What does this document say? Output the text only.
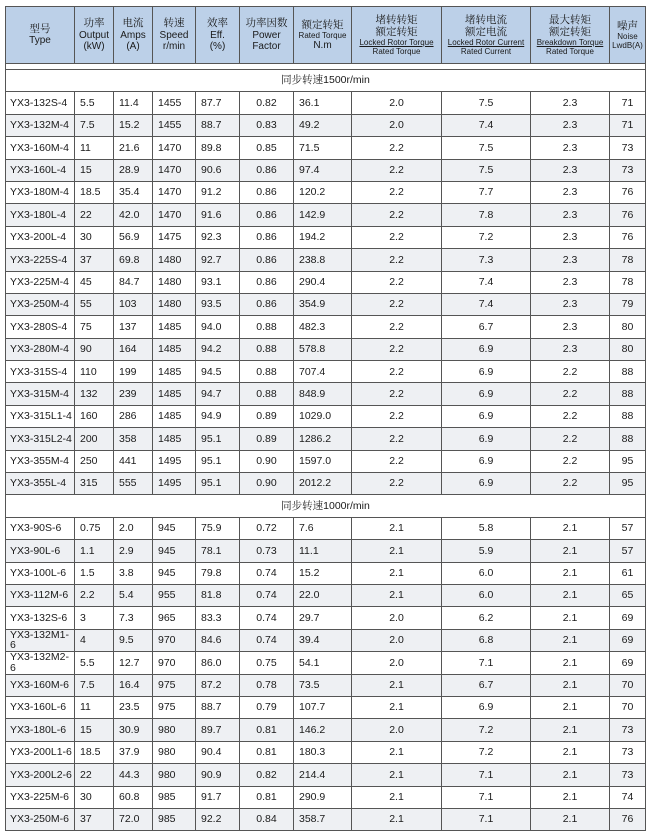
型号
Type	功率
Output
(kW)	电流
Amps
(A)	转速
Speed
r/min	效率
Eff.
(%)	功率因数
Power
Factor	额定转矩
Rated Torque
N.m	堵转转矩
额定转矩
Locked Rotor Torque
Rated Torque	堵转电流
额定电流
Locked Rotor Current
Rated Current	最大转矩
额定转矩
Breakdown Torque
Rated Torque	噪声
Noise
LwdB(A)

同步转速1500r/min										
YX3-132S-4	5.5	11.4	1455	87.7	0.82	36.1	2.0	7.5	2.3	71
YX3-132M-4	7.5	15.2	1455	88.7	0.83	49.2	2.0	7.4	2.3	71
YX3-160M-4	11	21.6	1470	89.8	0.85	71.5	2.2	7.5	2.3	73
YX3-160L-4	15	28.9	1470	90.6	0.86	97.4	2.2	7.5	2.3	73
YX3-180M-4	18.5	35.4	1470	91.2	0.86	120.2	2.2	7.7	2.3	76
YX3-180L-4	22	42.0	1470	91.6	0.86	142.9	2.2	7.8	2.3	76
YX3-200L-4	30	56.9	1475	92.3	0.86	194.2	2.2	7.2	2.3	76
YX3-225S-4	37	69.8	1480	92.7	0.86	238.8	2.2	7.3	2.3	78
YX3-225M-4	45	84.7	1480	93.1	0.86	290.4	2.2	7.4	2.3	78
YX3-250M-4	55	103	1480	93.5	0.86	354.9	2.2	7.4	2.3	79
YX3-280S-4	75	137	1485	94.0	0.88	482.3	2.2	6.7	2.3	80
YX3-280M-4	90	164	1485	94.2	0.88	578.8	2.2	6.9	2.3	80
YX3-315S-4	110	199	1485	94.5	0.88	707.4	2.2	6.9	2.2	88
YX3-315M-4	132	239	1485	94.7	0.88	848.9	2.2	6.9	2.2	88
YX3-315L1-4	160	286	1485	94.9	0.89	1029.0	2.2	6.9	2.2	88
YX3-315L2-4	200	358	1485	95.1	0.89	1286.2	2.2	6.9	2.2	88
YX3-355M-4	250	441	1495	95.1	0.90	1597.0	2.2	6.9	2.2	95
YX3-355L-4	315	555	1495	95.1	0.90	2012.2	2.2	6.9	2.2	95
同步转速1000r/min										
YX3-90S-6	0.75	2.0	945	75.9	0.72	7.6	2.1	5.8	2.1	57
YX3-90L-6	1.1	2.9	945	78.1	0.73	11.1	2.1	5.9	2.1	57
YX3-100L-6	1.5	3.8	945	79.8	0.74	15.2	2.1	6.0	2.1	61
YX3-112M-6	2.2	5.4	955	81.8	0.74	22.0	2.1	6.0	2.1	65
YX3-132S-6	3	7.3	965	83.3	0.74	29.7	2.0	6.2	2.1	69
YX3-132M1-6	4	9.5	970	84.6	0.74	39.4	2.0	6.8	2.1	69
YX3-132M2-6	5.5	12.7	970	86.0	0.75	54.1	2.0	7.1	2.1	69
YX3-160M-6	7.5	16.4	975	87.2	0.78	73.5	2.1	6.7	2.1	70
YX3-160L-6	11	23.5	975	88.7	0.79	107.7	2.1	6.9	2.1	70
YX3-180L-6	15	30.9	980	89.7	0.81	146.2	2.0	7.2	2.1	73
YX3-200L1-6	18.5	37.9	980	90.4	0.81	180.3	2.1	7.2	2.1	73
YX3-200L2-6	22	44.3	980	90.9	0.82	214.4	2.1	7.1	2.1	73
YX3-225M-6	30	60.8	985	91.7	0.81	290.9	2.1	7.1	2.1	74
YX3-250M-6	37	72.0	985	92.2	0.84	358.7	2.1	7.1	2.1	76
